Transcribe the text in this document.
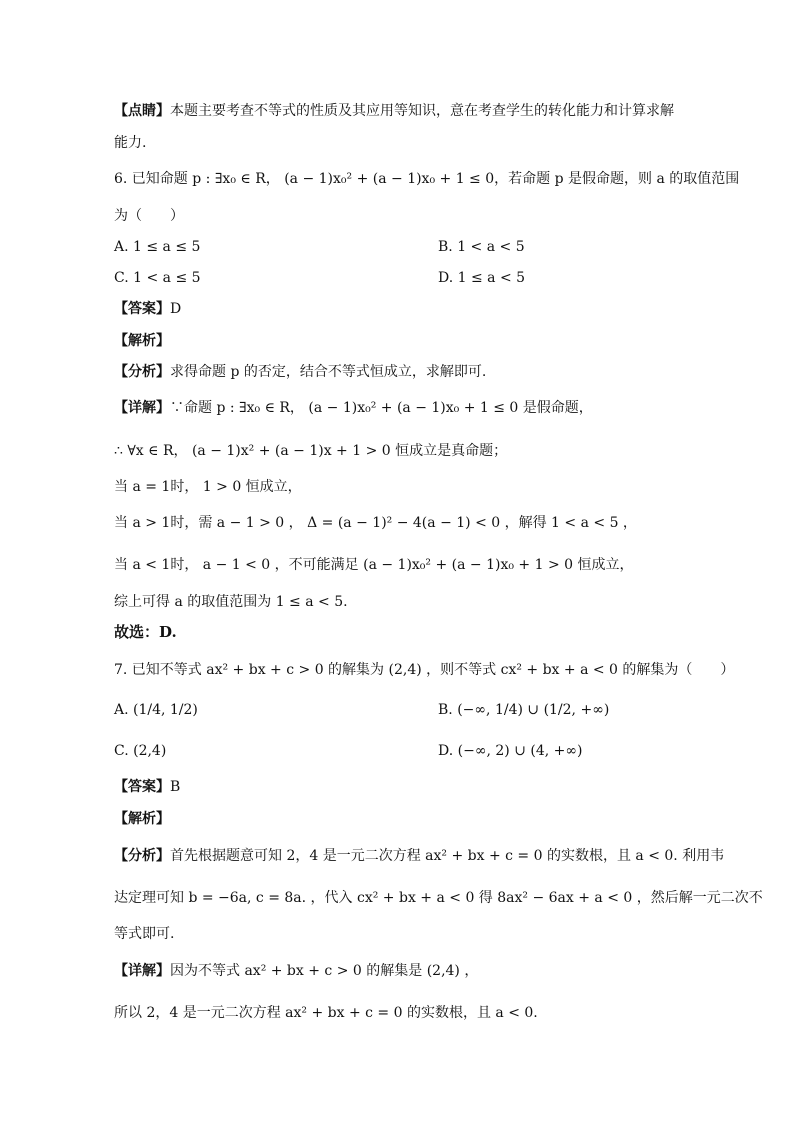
【点睛】本题主要考查不等式的性质及其应用等知识，意在考查学生的转化能力和计算求解
能力.
6. 已知命题 p : ∃x₀ ∈ R， (a − 1)x₀² + (a − 1)x₀ + 1 ≤ 0，若命题 p 是假命题，则 a 的取值范围
为（　　）
A. 1 ≤ a ≤ 5	B. 1 < a < 5
C. 1 < a ≤ 5	D. 1 ≤ a < 5
【答案】D
【解析】
【分析】求得命题 p 的否定，结合不等式恒成立，求解即可.
【详解】∵命题 p : ∃x₀ ∈ R， (a − 1)x₀² + (a − 1)x₀ + 1 ≤ 0 是假命题，
∴ ∀x ∈ R， (a − 1)x² + (a − 1)x + 1 > 0 恒成立是真命题；
当 a = 1时， 1 > 0 恒成立，
当 a > 1时，需 a − 1 > 0 ， Δ = (a − 1)² − 4(a − 1) < 0 ，解得 1 < a < 5 ，
当 a < 1时， a − 1 < 0 ，不可能满足 (a − 1)x₀² + (a − 1)x₀ + 1 > 0 恒成立，
综上可得 a 的取值范围为 1 ≤ a < 5.
故选：D.
7. 已知不等式 ax² + bx + c > 0 的解集为 (2,4) ，则不等式 cx² + bx + a < 0 的解集为（　　）
A. (1/4, 1/2)	B. (−∞, 1/4) ∪ (1/2, +∞)
C. (2,4)	D. (−∞, 2) ∪ (4, +∞)
【答案】B
【解析】
【分析】首先根据题意可知 2，4 是一元二次方程 ax² + bx + c = 0 的实数根，且 a < 0. 利用韦
达定理可知 b = −6a, c = 8a. ，代入 cx² + bx + a < 0 得 8ax² − 6ax + a < 0 ，然后解一元二次不
等式即可.
【详解】因为不等式 ax² + bx + c > 0 的解集是 (2,4) ，
所以 2，4 是一元二次方程 ax² + bx + c = 0 的实数根，且 a < 0.
